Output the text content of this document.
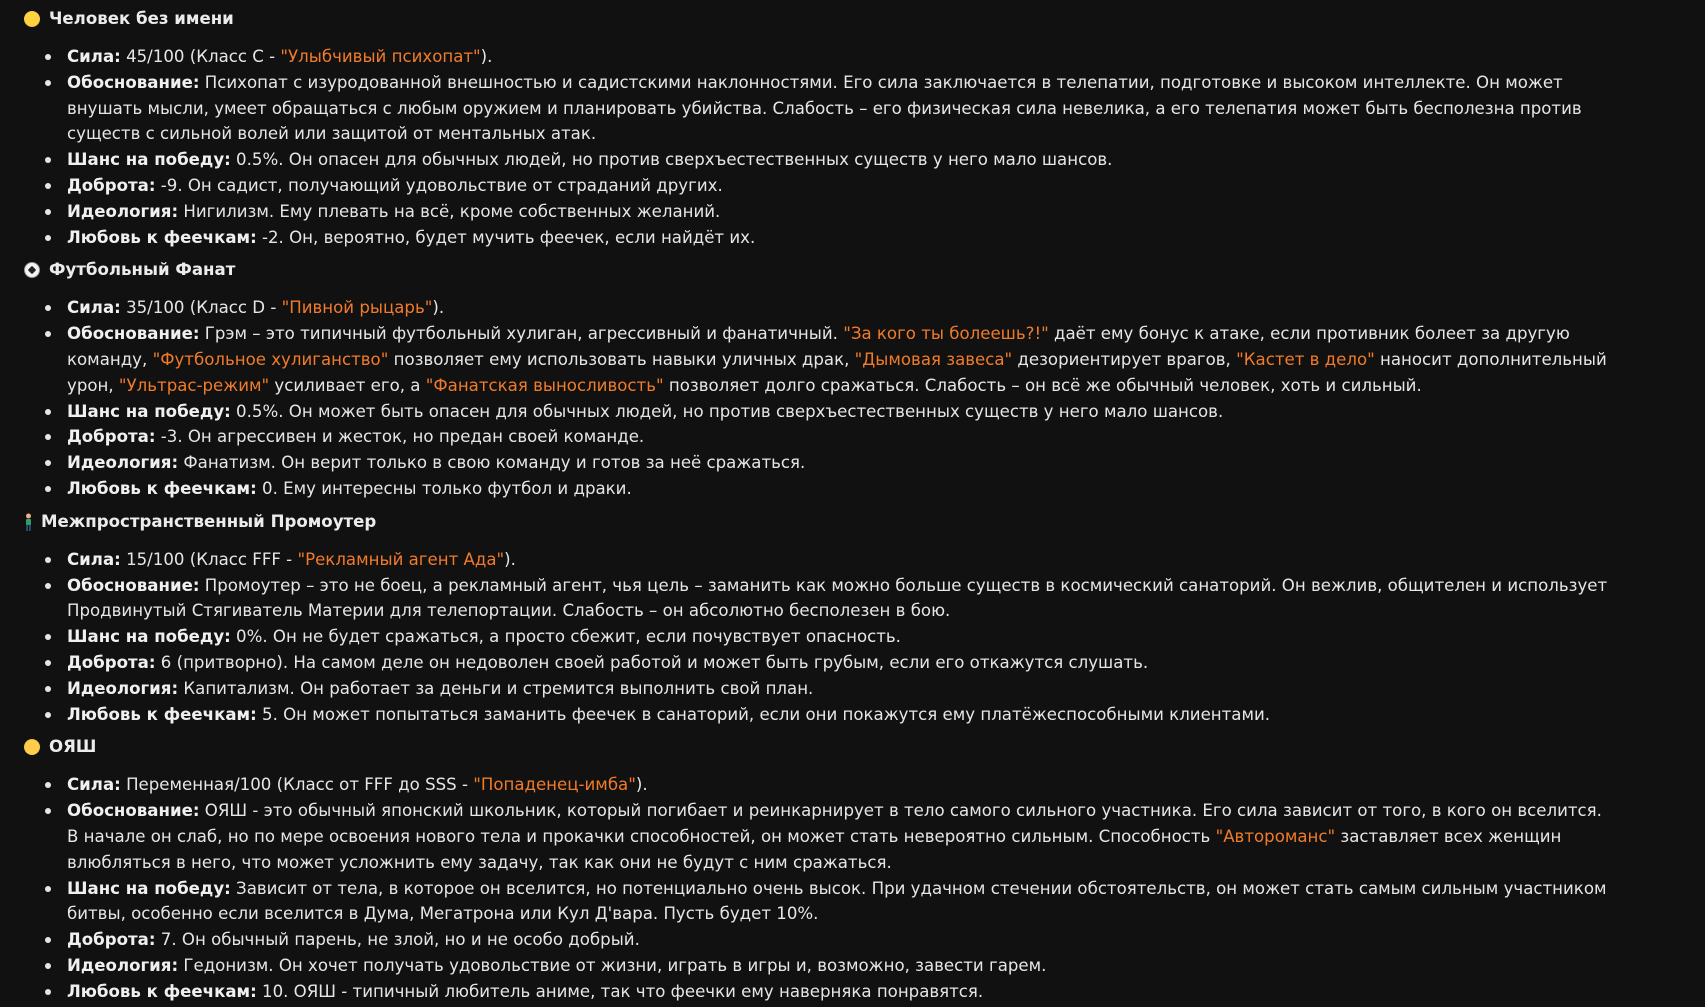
Человек без имени
Сила: 45/100 (Класс C - "Улыбчивый психопат").
Обоснование: Психопат с изуродованной внешностью и садистскими наклонностями. Его сила заключается в телепатии, подготовке и высоком интеллекте. Он может внушать мысли, умеет обращаться с любым оружием и планировать убийства. Слабость – его физическая сила невелика, а его телепатия может быть бесполезна против существ с сильной волей или защитой от ментальных атак.
Шанс на победу: 0.5%. Он опасен для обычных людей, но против сверхъестественных существ у него мало шансов.
Доброта: -9. Он садист, получающий удовольствие от страданий других.
Идеология: Нигилизм. Ему плевать на всё, кроме собственных желаний.
Любовь к феечкам: -2. Он, вероятно, будет мучить феечек, если найдёт их.
Футбольный Фанат
Сила: 35/100 (Класс D - "Пивной рыцарь").
Обоснование: Грэм – это типичный футбольный хулиган, агрессивный и фанатичный. "За кого ты болеешь?!" даёт ему бонус к атаке, если противник болеет за другую команду, "Футбольное хулиганство" позволяет ему использовать навыки уличных драк, "Дымовая завеса" дезориентирует врагов, "Кастет в дело" наносит дополнительный урон, "Ультрас-режим" усиливает его, а "Фанатская выносливость" позволяет долго сражаться. Слабость – он всё же обычный человек, хоть и сильный.
Шанс на победу: 0.5%. Он может быть опасен для обычных людей, но против сверхъестественных существ у него мало шансов.
Доброта: -3. Он агрессивен и жесток, но предан своей команде.
Идеология: Фанатизм. Он верит только в свою команду и готов за неё сражаться.
Любовь к феечкам: 0. Ему интересны только футбол и драки.
Межпространственный Промоутер
Сила: 15/100 (Класс FFF - "Рекламный агент Ада").
Обоснование: Промоутер – это не боец, а рекламный агент, чья цель – заманить как можно больше существ в космический санаторий. Он вежлив, общителен и использует Продвинутый Стягиватель Материи для телепортации. Слабость – он абсолютно бесполезен в бою.
Шанс на победу: 0%. Он не будет сражаться, а просто сбежит, если почувствует опасность.
Доброта: 6 (притворно). На самом деле он недоволен своей работой и может быть грубым, если его откажутся слушать.
Идеология: Капитализм. Он работает за деньги и стремится выполнить свой план.
Любовь к феечкам: 5. Он может попытаться заманить феечек в санаторий, если они покажутся ему платёжеспособными клиентами.
ОЯШ
Сила: Переменная/100 (Класс от FFF до SSS - "Попаденец-имба").
Обоснование: ОЯШ - это обычный японский школьник, который погибает и реинкарнирует в тело самого сильного участника. Его сила зависит от того, в кого он вселится. В начале он слаб, но по мере освоения нового тела и прокачки способностей, он может стать невероятно сильным. Способность "Автороманс" заставляет всех женщин влюбляться в него, что может усложнить ему задачу, так как они не будут с ним сражаться.
Шанс на победу: Зависит от тела, в которое он вселится, но потенциально очень высок. При удачном стечении обстоятельств, он может стать самым сильным участником битвы, особенно если вселится в Дума, Мегатрона или Кул Д'вара. Пусть будет 10%.
Доброта: 7. Он обычный парень, не злой, но и не особо добрый.
Идеология: Гедонизм. Он хочет получать удовольствие от жизни, играть в игры и, возможно, завести гарем.
Любовь к феечкам: 10. ОЯШ - типичный любитель аниме, так что феечки ему наверняка понравятся.
